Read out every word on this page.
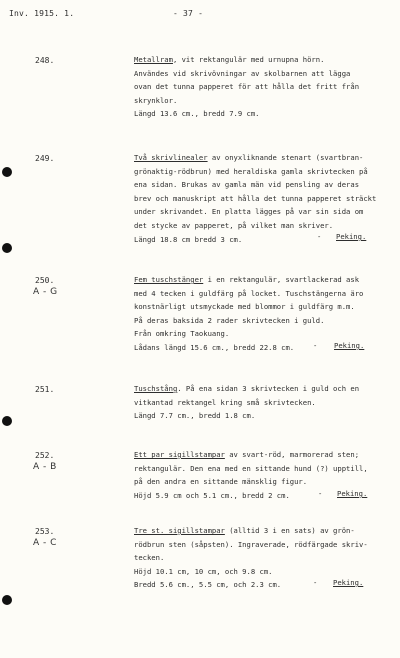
Inv. 1915. 1.	- 37 -
248.	Metallram, vit rektangulär med urnupna hörn.
Användes vid skrivövningar av skolbarnen att lägga
ovan det tunna papperet för att hålla det fritt från
skrynklor.
Längd 13.6 cm., bredd 7.9 cm.
249.	Två skrivlinealer av onyxliknande stenart (svartbran-
grönaktig-rödbrun) med heraldiska gamla skrivtecken på
ena sidan. Brukas av gamla män vid pensling av deras
brev och manuskript att hålla det tunna papperet sträckt
under skrivandet. En platta lägges på var sin sida om
det stycke av papperet, på vilket man skriver.
Längd 18.8 cm bredd 3 cm.	- Peking.
250.
A - G
Fem tuschstänger i en rektangulär, svartlackerad ask
med 4 tecken i guldfärg på locket. Tuschstängerna äro
konstnärligt utsmyckade med blommor i guldfärg m.m.
På deras baksida 2 rader skrivtecken i guld.
Från omkring Taokuang.
Lådans längd 15.6 cm., bredd 22.8 cm.	- Peking.
251.	Tuschstång. På ena sidan 3 skrivtecken i guld och en
vitkantad rektangel kring små skrivtecken.
Längd 7.7 cm., bredd 1.8 cm.
252.
A - B
Ett par sigillstampar av svart-röd, marmorerad sten;
rektangulär. Den ena med en sittande hund (?) upptill,
på den andra en sittande mänsklig figur.
Höjd 5.9 cm och 5.1 cm., bredd 2 cm.	- Peking.
253.
A - C
Tre st. sigillstampar (alltid 3 i en sats) av grön-
rödbrun sten (såpsten). Ingraverade, rödfärgade skriv-
tecken.
Höjd 10.1 cm, 10 cm, och 9.8 cm.
Bredd 5.6 cm., 5.5 cm, och 2.3 cm.	- Peking.
